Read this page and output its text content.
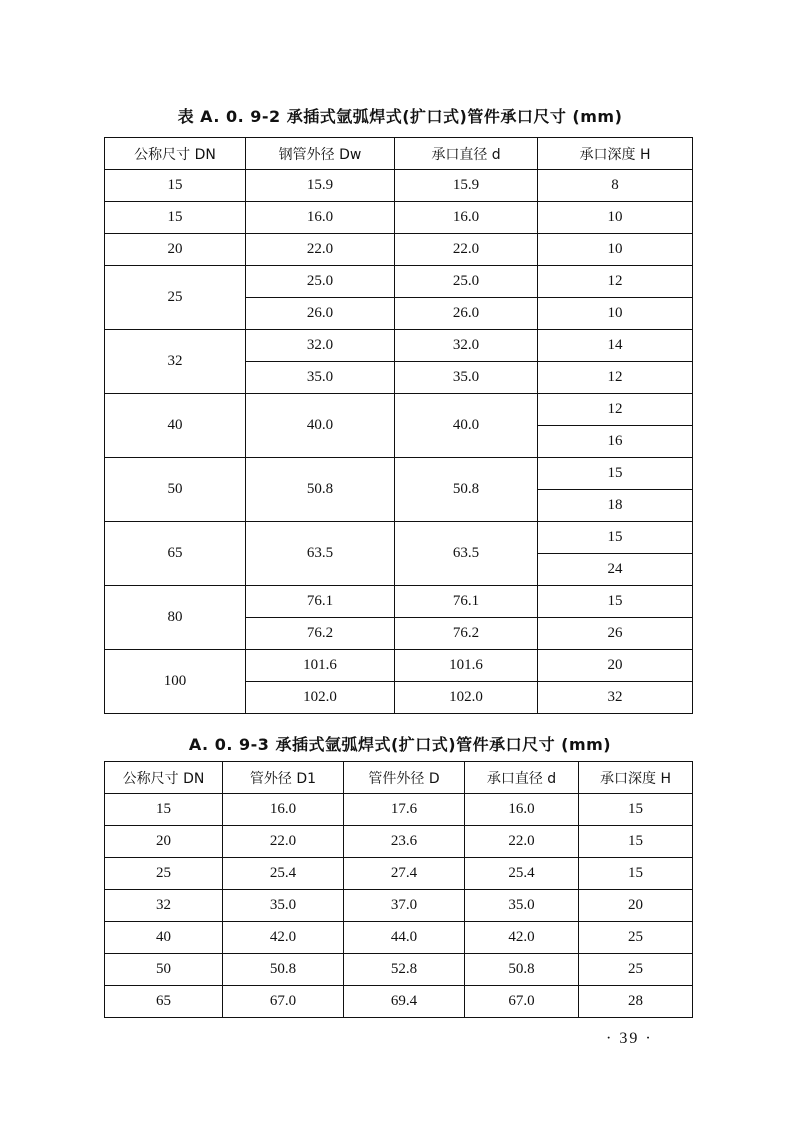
表 A. 0. 9-2 承插式氩弧焊式(扩口式)管件承口尺寸 (mm)
公称尺寸 DN	钢管外径 Dw	承口直径 d	承口深度 H
15	15.9	15.9	8
15	16.0	16.0	10
20	22.0	22.0	10
25	25.0	25.0	12
	26.0	26.0	10
32	32.0	32.0	14
	35.0	35.0	12
40	40.0	40.0	12
			16
50	50.8	50.8	15
			18
65	63.5	63.5	15
			24
80	76.1	76.1	15
	76.2	76.2	26
100	101.6	101.6	20
	102.0	102.0	32
A. 0. 9-3 承插式氩弧焊式(扩口式)管件承口尺寸 (mm)
公称尺寸 DN	管外径 D1	管件外径 D	承口直径 d	承口深度 H
15	16.0	17.6	16.0	15
20	22.0	23.6	22.0	15
25	25.4	27.4	25.4	15
32	35.0	37.0	35.0	20
40	42.0	44.0	42.0	25
50	50.8	52.8	50.8	25
65	67.0	69.4	67.0	28
· 39 ·
